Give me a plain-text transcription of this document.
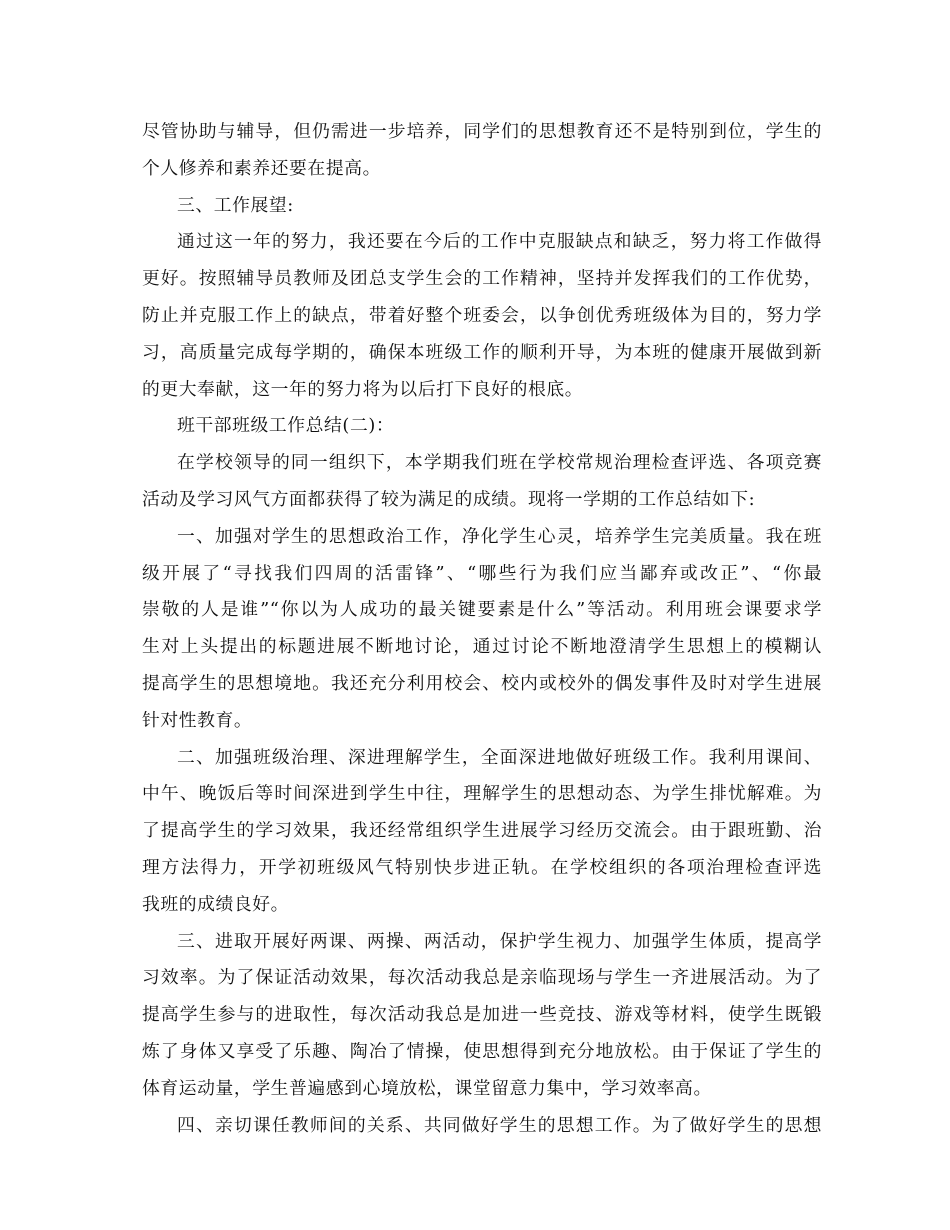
尽管协助与辅导，但仍需进一步培养，同学们的思想教育还不是特别到位，学生的
个人修养和素养还要在提高。
三、工作展望:
通过这一年的努力，我还要在今后的工作中克服缺点和缺乏，努力将工作做得
更好。按照辅导员教师及团总支学生会的工作精神，坚持并发挥我们的工作优势，
防止并克服工作上的缺点，带着好整个班委会，以争创优秀班级体为目的，努力学
习，高质量完成每学期的，确保本班级工作的顺利开导，为本班的健康开展做到新
的更大奉献，这一年的努力将为以后打下良好的根底。
班干部班级工作总结(二)：
在学校领导的同一组织下，本学期我们班在学校常规治理检查评选、各项竞赛
活动及学习风气方面都获得了较为满足的成绩。现将一学期的工作总结如下:
一、加强对学生的思想政治工作，净化学生心灵，培养学生完美质量。我在班
级开展了“寻找我们四周的活雷锋”、“哪些行为我们应当鄙弃或改正”、“你最
崇敬的人是谁”“你以为人成功的最关键要素是什么”等活动。利用班会课要求学
生对上头提出的标题进展不断地讨论，通过讨论不断地澄清学生思想上的模糊认
提高学生的思想境地。我还充分利用校会、校内或校外的偶发事件及时对学生进展
针对性教育。
二、加强班级治理、深进理解学生，全面深进地做好班级工作。我利用课间、
中午、晚饭后等时间深进到学生中往，理解学生的思想动态、为学生排忧解难。为
了提高学生的学习效果，我还经常组织学生进展学习经历交流会。由于跟班勤、治
理方法得力，开学初班级风气特别快步进正轨。在学校组织的各项治理检查评选
我班的成绩良好。
三、进取开展好两课、两操、两活动，保护学生视力、加强学生体质，提高学
习效率。为了保证活动效果，每次活动我总是亲临现场与学生一齐进展活动。为了
提高学生参与的进取性，每次活动我总是加进一些竞技、游戏等材料，使学生既锻
炼了身体又享受了乐趣、陶冶了情操，使思想得到充分地放松。由于保证了学生的
体育运动量，学生普遍感到心境放松，课堂留意力集中，学习效率高。
四、亲切课任教师间的关系、共同做好学生的思想工作。为了做好学生的思想
